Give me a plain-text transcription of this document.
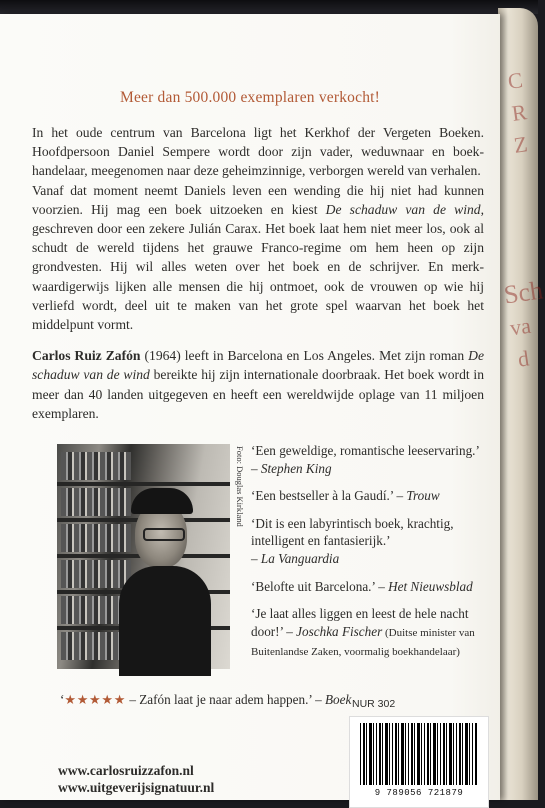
C
R
Z
Sch
va
d
Meer dan 500.000 exemplaren verkocht!

In het oude centrum van Barcelona ligt het Kerkhof der Vergeten Boeken. Hoofdpersoon Daniel Sempere wordt door zijn vader, weduwnaar en boek-handelaar, meegenomen naar deze geheimzinnige, verborgen wereld van verhalen.

Vanaf dat moment neemt Daniels leven een wending die hij niet had kunnen voorzien. Hij mag een boek uitzoeken en kiest De schaduw van de wind, geschreven door een zekere Julián Carax. Het boek laat hem niet meer los, ook al schudt de wereld tijdens het grauwe Franco-regime om hem heen op zijn grondvesten. Hij wil alles weten over het boek en de schrijver. En merk-waardigerwijs lijken alle mensen die hij ontmoet, ook de vrouwen op wie hij verliefd wordt, deel uit te maken van het grote spel waarvan het boek het middelpunt vormt.

Carlos Ruiz Zafón (1964) leeft in Barcelona en Los Angeles. Met zijn roman De schaduw van de wind bereikte hij zijn internationale doorbraak. Het boek wordt in meer dan 40 landen uitgegeven en heeft een wereldwijde oplage van 11 miljoen exemplaren.

Foto: Douglas Kirkland ‘Een geweldige, romantische leeservaring.’
– Stephen King
‘Een bestseller à la Gaudí.’ – Trouw
‘Dit is een labyrintisch boek, krachtig, intelligent en fantasierijk.’
– La Vanguardia
‘Belofte uit Barcelona.’ – Het Nieuwsblad
‘Je laat alles liggen en leest de hele nacht door!’ – Joschka Fischer (Duitse minister van Buitenlandse Zaken, voormalig boekhandelaar)
‘★★★★★ – Zafón laat je naar adem happen.’ – Boek NUR 302
9 789056 721879
www.carlosruizzafon.nl
www.uitgeverijsignatuur.nl
